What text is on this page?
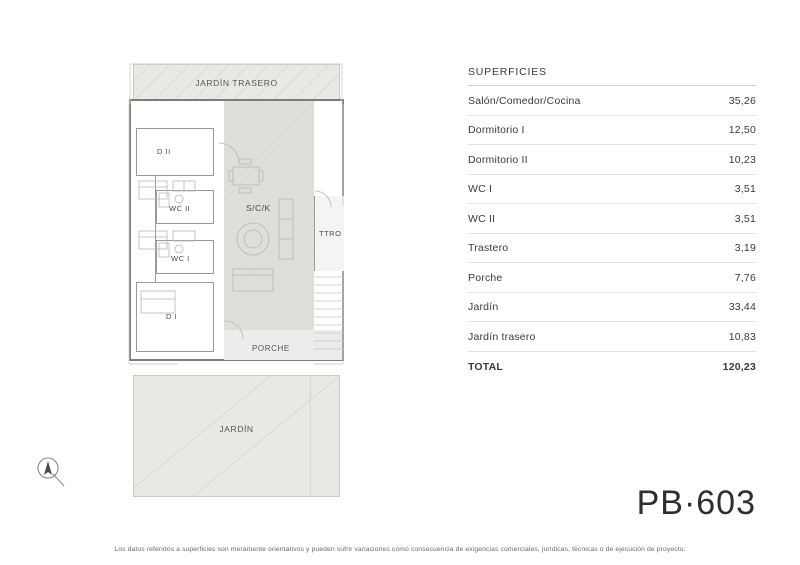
JARDÍN TRASERO
JARDÍN
S/C/K
PORCHE
TTRO
D II
WC II
WC I
D I
SUPERFICIES
Salón/Comedor/Cocina	35,26
Dormitorio I	12,50
Dormitorio II	10,23
WC I	3,51
WC II	3,51
Trastero	3,19
Porche	7,76
Jardín	33,44
Jardín trasero	10,83
TOTAL	120,23
PB·603
Los datos referidos a superficies son meramente orientativos y pueden sufrir variaciones como consecuencia de exigencias comerciales, jurídicas, técnicas o de ejecución de proyecto.
